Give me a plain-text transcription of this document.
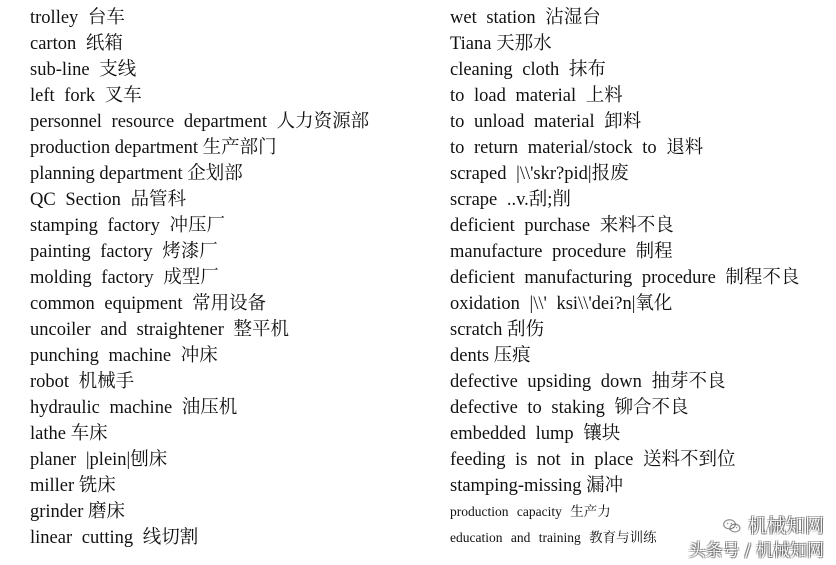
trolley 台车
carton 纸箱
sub-line 支线
left fork 叉车
personnel resource department 人力资源部
production department 生产部门
planning department 企划部
QC Section 品管科
stamping factory 冲压厂
painting factory 烤漆厂
molding factory 成型厂
common equipment 常用设备
uncoiler and straightener 整平机
punching machine 冲床
robot 机械手
hydraulic machine 油压机
lathe 车床
planer |plein|刨床
miller 铣床
grinder 磨床
linear cutting 线切割
wet station 沾湿台
Tiana 天那水
cleaning cloth 抹布
to load material 上料
to unload material 卸料
to return material/stock to 退料
scraped |\\'skr?pid|报废
scrape ..v.刮;削
deficient purchase 来料不良
manufacture procedure 制程
deficient manufacturing procedure 制程不良
oxidation |\\' ksi\\'dei?n|氧化
scratch 刮伤
dents 压痕
defective upsiding down 抽芽不良
defective to staking 铆合不良
embedded lump 镶块
feeding is not in place 送料不到位
stamping-missing 漏冲
production capacity 生产力
education and training 教育与训练
机械知网
头条号 / 机械知网
